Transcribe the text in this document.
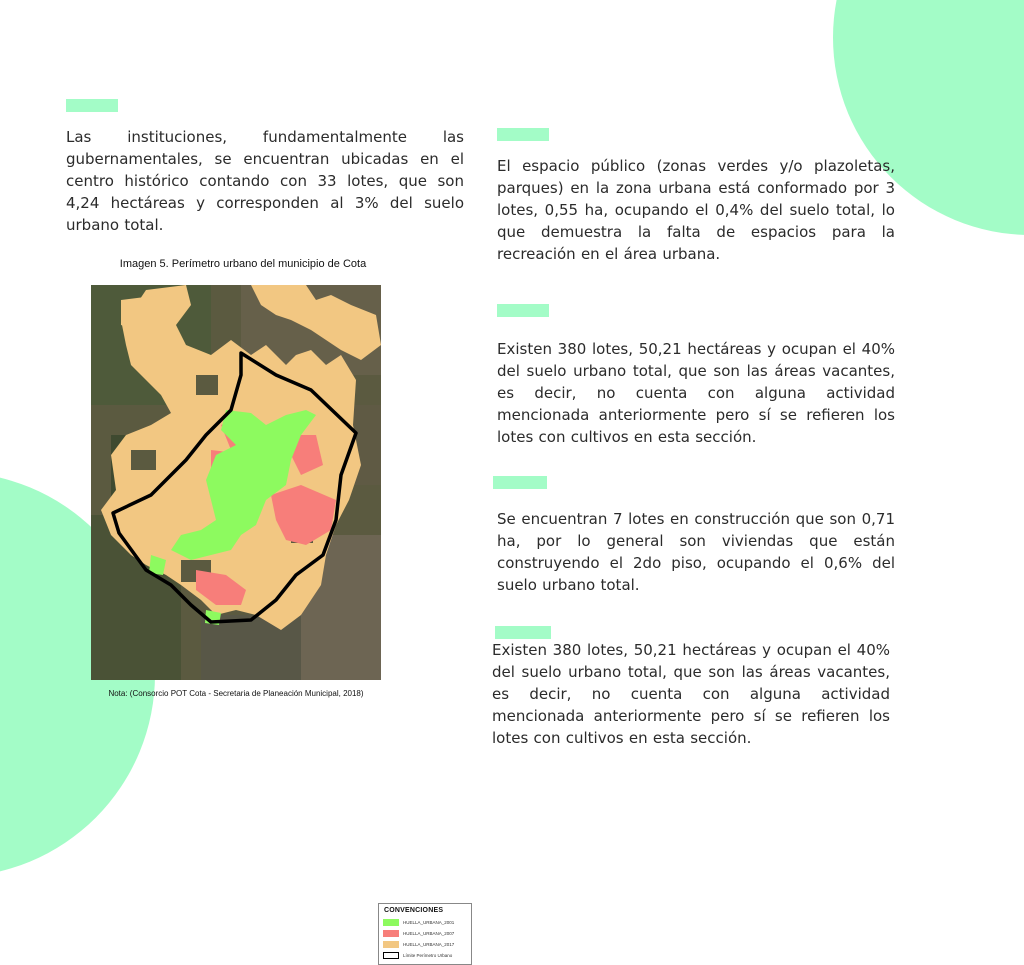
Las instituciones, fundamentalmente las gubernamentales, se encuentran ubicadas en el centro histórico contando con 33 lotes, que son 4,24 hectáreas y corresponden al 3% del suelo urbano total.

Imagen 5. Perímetro urbano del municipio de Cota

CONVENCIONES

HUELLA_URBANA_2001
HUELLA_URBANA_2007
HUELLA_URBANA_2017
Límite Perímetro Urbano

Nota: (Consorcio POT Cota - Secretaria de Planeación Municipal, 2018)

El espacio público (zonas verdes y/o plazoletas, parques) en la zona urbana está conformado por 3 lotes, 0,55 ha, ocupando el 0,4% del suelo total, lo que demuestra la falta de espacios para la recreación en el área urbana.

Existen 380 lotes, 50,21 hectáreas y ocupan el 40% del suelo urbano total, que son las áreas vacantes, es decir, no cuenta con alguna actividad mencionada anteriormente pero sí se refieren los lotes con cultivos en esta sección.

Se encuentran 7 lotes en construcción que son 0,71 ha, por lo general son viviendas que están construyendo el 2do piso, ocupando el 0,6% del suelo urbano total.

Existen 380 lotes, 50,21 hectáreas y ocupan el 40% del suelo urbano total, que son las áreas vacantes, es decir, no cuenta con alguna actividad mencionada anteriormente pero sí se refieren los lotes con cultivos en esta sección.
